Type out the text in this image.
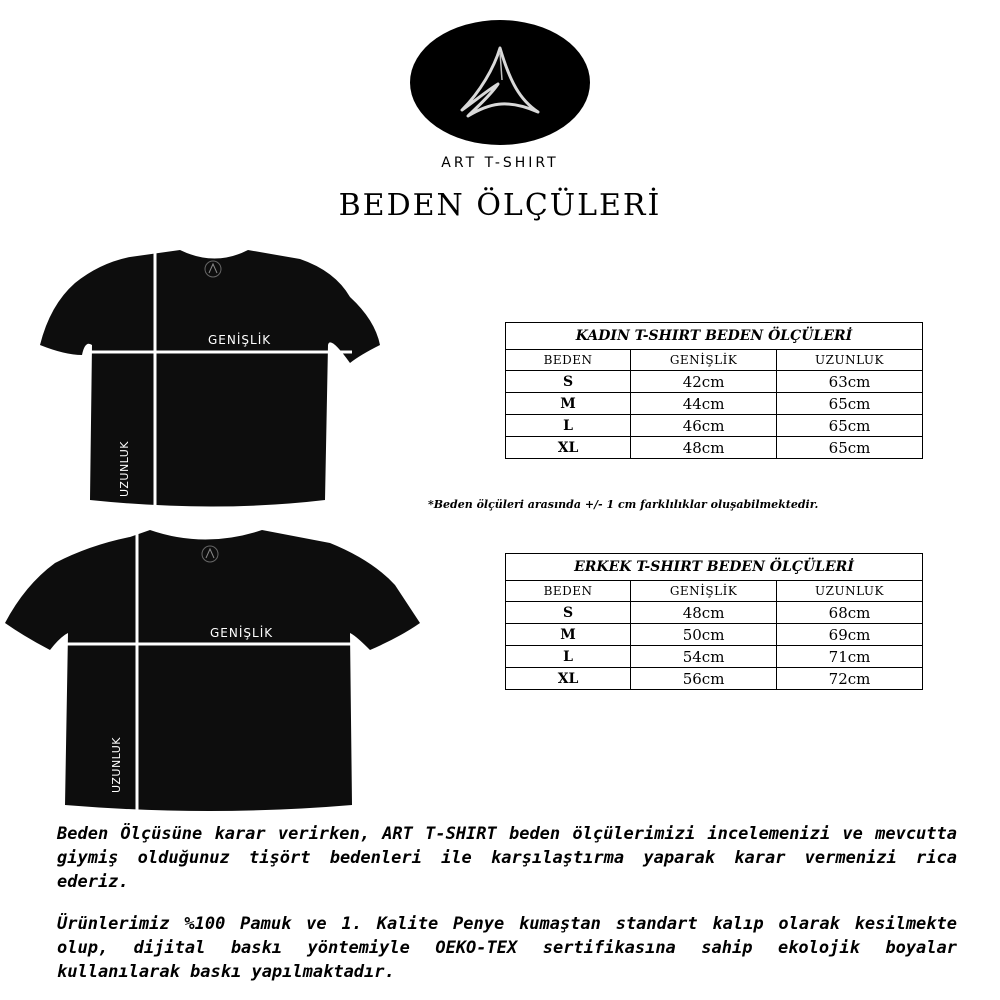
ART T-SHIRT
BEDEN ÖLÇÜLERİ
GENİŞLİK
UZUNLUK
GENİŞLİK
UZUNLUK
KADIN T-SHIRT BEDEN ÖLÇÜLERİ		
BEDEN	GENİŞLİK	UZUNLUK
S	42cm	63cm
M	44cm	65cm
L	46cm	65cm
XL	48cm	65cm
*Beden ölçüleri arasında +/- 1 cm farklılıklar oluşabilmektedir.
ERKEK T-SHIRT BEDEN ÖLÇÜLERİ		
BEDEN	GENİŞLİK	UZUNLUK
S	48cm	68cm
M	50cm	69cm
L	54cm	71cm
XL	56cm	72cm
Beden Ölçüsüne karar verirken, ART T-SHIRT beden ölçülerimizi incelemenizi ve mevcutta giymiş olduğunuz tişört bedenleri ile karşılaştırma yaparak karar vermenizi rica ederiz.
Ürünlerimiz %100 Pamuk ve 1. Kalite Penye kumaştan standart kalıp olarak kesilmekte olup, dijital baskı yöntemiyle OEKO-TEX sertifikasına sahip ekolojik boyalar kullanılarak baskı yapılmaktadır.
